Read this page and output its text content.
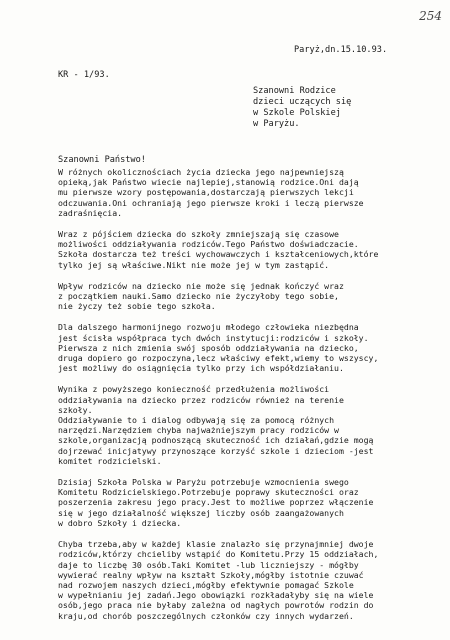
254
Paryż,dn.15.10.93.
KR - 1/93.
Szanowni Rodzice
dzieci uczących się
w Szkole Polskiej
w Paryżu.
Szanowni Państwo!
W różnych okolicznościach życia dziecka jego najpewniejszą
opieką,jak Państwo wiecie najlepiej,stanowią rodzice.Oni dają
mu pierwsze wzory postępowania,dostarczają pierwszych lekcji
odczuwania.Oni ochraniają jego pierwsze kroki i leczą pierwsze
zadraśnięcia.
Wraz z pójściem dziecka do szkoły zmniejszają się czasowe
możliwości oddziaływania rodziców.Tego Państwo doświadczacie.
Szkoła dostarcza też treści wychowawczych i kształceniowych,które
tylko jej są właściwe.Nikt nie może jej w tym zastąpić.
Wpływ rodziców na dziecko nie może się jednak kończyć wraz
z początkiem nauki.Samo dziecko nie życzyłoby tego sobie,
nie życzy też sobie tego szkoła.
Dla dalszego harmonijnego rozwoju młodego człowieka niezbędna
jest ścisła współpraca tych dwóch instytucji:rodziców i szkoły.
Pierwsza z nich zmienia swój sposób oddziaływania na dziecko,
druga dopiero go rozpoczyna,lecz właściwy efekt,wiemy to wszyscy,
jest możliwy do osiągnięcia tylko przy ich współdziałaniu.
Wynika z powyższego konieczność przedłużenia możliwości
oddziaływania na dziecko przez rodziców również na terenie
szkoły.
Oddziaływanie to i dialog odbywają się za pomocą różnych
narzędzi.Narzędziem chyba najważniejszym pracy rodziców w
szkole,organizacją podnoszącą skuteczność ich działań,gdzie mogą
dojrzewać inicjatywy przynoszące korzyść szkole i dzieciom -jest
komitet rodzicielski.
Dzisiaj Szkoła Polska w Paryżu potrzebuje wzmocnienia swego
Komitetu Rodzicielskiego.Potrzebuje poprawy skuteczności oraz
poszerzenia zakresu jego pracy.Jest to możliwe poprzez włączenie
się w jego działalność większej liczby osób zaangażowanych
w dobro Szkoły i dziecka.
Chyba trzeba,aby w każdej klasie znalazło się przynajmniej dwoje
rodziców,którzy chcieliby wstąpić do Komitetu.Przy 15 oddziałach,
daje to liczbę 30 osób.Taki Komitet -lub liczniejszy - mógłby
wywierać realny wpływ na kształt Szkoły,mógłby istotnie czuwać
nad rozwojem naszych dzieci,mógłby efektywnie pomagać Szkole
w wypełnianiu jej zadań.Jego obowiązki rozkładałyby się na wiele
osób,jego praca nie byłaby zależna od nagłych powrotów rodzin do
kraju,od chorób poszczególnych członków czy innych wydarzeń.
